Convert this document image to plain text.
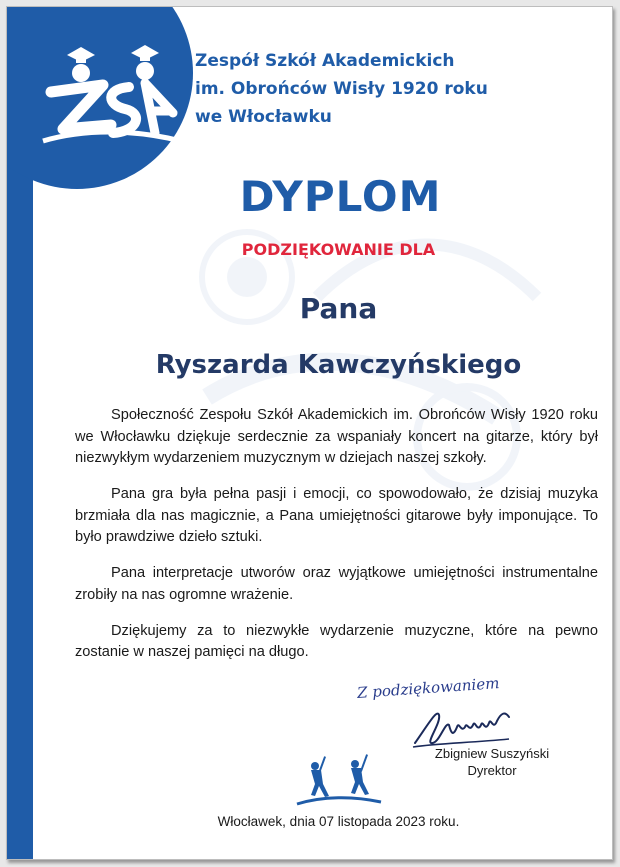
Zespół Szkół Akademickich
im. Obrońców Wisły 1920 roku
we Włocławku
DYPLOM
PODZIĘKOWANIE DLA
Pana
Ryszarda Kawczyńskiego

Społeczność Zespołu Szkół Akademickich im. Obrońców Wisły 1920 roku we Włocławku dziękuje serdecznie za wspaniały koncert na gitarze, który był niezwykłym wydarzeniem muzycznym w dziejach naszej szkoły.

Pana gra była pełna pasji i emocji, co spowodowało, że dzisiaj muzyka brzmiała dla nas magicznie, a Pana umiejętności gitarowe były imponujące. To było prawdziwe dzieło sztuki.

Pana interpretacje utworów oraz wyjątkowe umiejętności instrumentalne zrobiły na nas ogromne wrażenie.

Dziękujemy za to niezwykłe wydarzenie muzyczne, które na pewno zostanie w naszej pamięci na długo.

Z podziękowaniem
Zbigniew Suszyński
Dyrektor
Włocławek, dnia 07 listopada 2023 roku.
